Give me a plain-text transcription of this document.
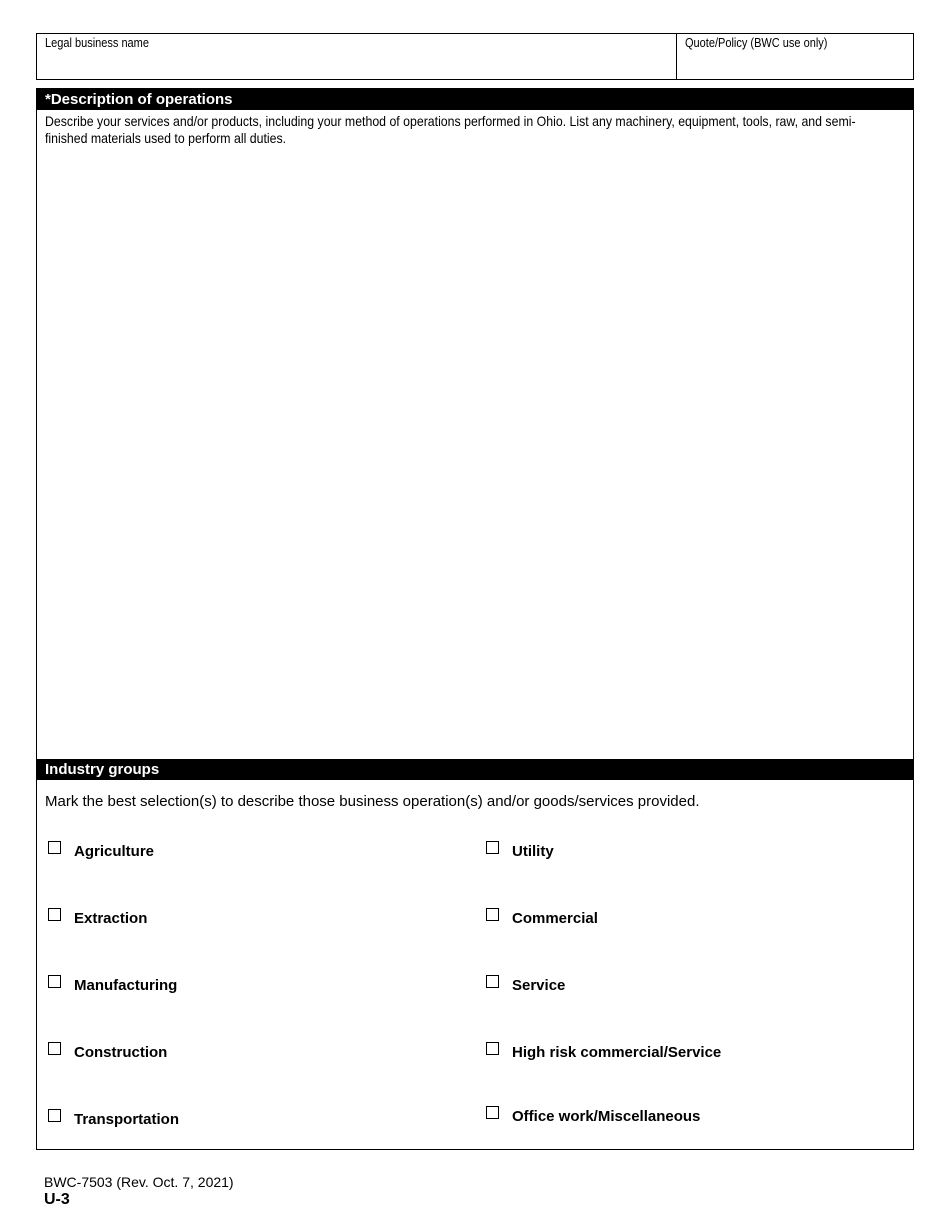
Legal business name	Quote/Policy (BWC use only)
*Description of operations
Describe your services and/or products, including your method of operations performed in Ohio. List any machinery, equipment, tools, raw, and semi-finished materials used to perform all duties.
Industry groups
Mark the best selection(s) to describe those business operation(s) and/or goods/services provided.
Agriculture
Extraction
Manufacturing
Construction
Transportation
Utility
Commercial
Service
High risk commercial/Service
Office work/Miscellaneous
BWC-7503 (Rev. Oct. 7, 2021)
U-3
